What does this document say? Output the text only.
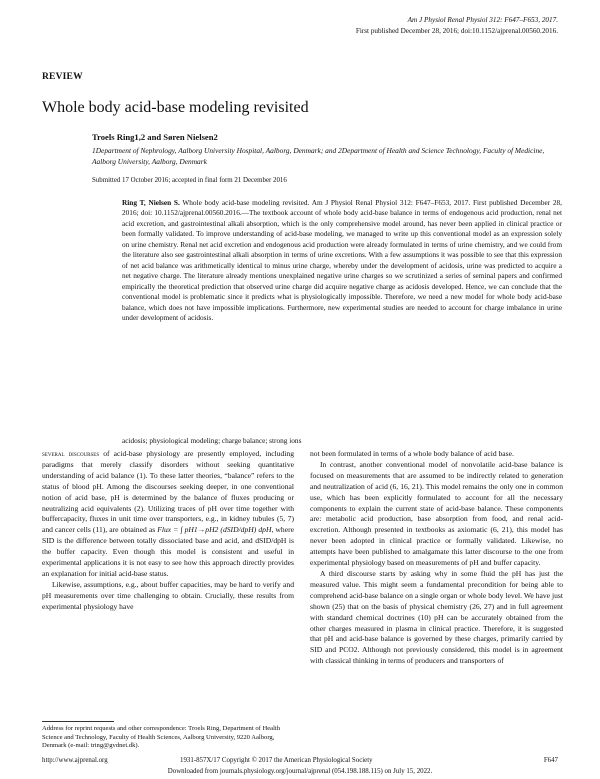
Am J Physiol Renal Physiol 312: F647–F653, 2017.
First published December 28, 2016; doi:10.1152/ajprenal.00560.2016.
REVIEW
Whole body acid-base modeling revisited
Troels Ring1,2 and Søren Nielsen2
1Department of Nephrology, Aalborg University Hospital, Aalborg, Denmark; and 2Department of Health and Science Technology, Faculty of Medicine, Aalborg University, Aalborg, Denmark
Submitted 17 October 2016; accepted in final form 21 December 2016
Ring T, Nielsen S. Whole body acid-base modeling revisited. Am J Physiol Renal Physiol 312: F647–F653, 2017. First published December 28, 2016; doi: 10.1152/ajprenal.00560.2016.—The textbook account of whole body acid-base balance in terms of endogenous acid production, renal net acid excretion, and gastrointestinal alkali absorption, which is the only comprehensive model around, has never been applied in clinical practice or been formally validated. To improve understanding of acid-base modeling, we managed to write up this conventional model as an expression solely on urine chemistry. Renal net acid excretion and endogenous acid production were already formulated in terms of urine chemistry, and we could from the literature also see gastrointestinal alkali absorption in terms of urine excretions. With a few assumptions it was possible to see that this expression of net acid balance was arithmetically identical to minus urine charge, whereby under the development of acidosis, urine was predicted to acquire a net negative charge. The literature already mentions unexplained negative urine charges so we scrutinized a series of seminal papers and confirmed empirically the theoretical prediction that observed urine charge did acquire negative charge as acidosis developed. Hence, we can conclude that the conventional model is problematic since it predicts what is physiologically impossible. Therefore, we need a new model for whole body acid-base balance, which does not have impossible implications. Furthermore, new experimental studies are needed to account for charge imbalance in urine under development of acidosis.
acidosis; physiological modeling; charge balance; strong ions

several discourses of acid-base physiology are presently employed, including paradigms that merely classify disorders without seeking quantitative understanding of acid balance (1). To these latter theories, “balance” refers to the status of blood pH. Among the discourses seeking deeper, in one conventional notion of acid base, pH is determined by the balance of fluxes producing or neutralizing acid equivalents (2). Utilizing traces of pH over time together with buffercapacity, fluxes in unit time over transporters, e.g., in kidney tubules (5, 7) and cancer cells (11), are obtained as Flux = ∫ pH1→pH2 (dSID/dpH) dpH, where SID is the difference between totally dissociated base and acid, and dSID/dpH is the buffer capacity. Even though this model is consistent and useful in experimental applications it is not easy to see how this approach directly provides an explanation for initial acid-base status.

Likewise, assumptions, e.g., about buffer capacities, may be hard to verify and pH measurements over time challenging to obtain. Crucially, these results from experimental physiology have

not been formulated in terms of a whole body balance of acid base.

In contrast, another conventional model of nonvolatile acid-base balance is focused on measurements that are assumed to be indirectly related to generation and neutralization of acid (6, 16, 21). This model remains the only one in common use, which has been explicitly formulated to account for all the necessary components to explain the current state of acid-base balance. These components are: metabolic acid production, base absorption from food, and renal acid-excretion. Although presented in textbooks as axiomatic (6, 21), this model has never been adopted in clinical practice or formally validated. Likewise, no attempts have been published to amalgamate this latter discourse to the one from experimental physiology based on measurements of pH and buffer capacity.

A third discourse starts by asking why in some fluid the pH has just the measured value. This might seem a fundamental precondition for being able to comprehend acid-base balance on a single organ or whole body level. We have just shown (25) that on the basis of physical chemistry (26, 27) and in full agreement with standard chemical doctrines (10) pH can be accurately obtained from the other charges measured in plasma in clinical practice. Therefore, it is suggested that pH and acid-base balance is governed by these charges, primarily carried by SID and PCO2. Although not previously considered, this model is in agreement with classical thinking in terms of producers and transporters of

Address for reprint requests and other correspondence: Troels Ring, Department of Health Science and Technology, Faculty of Health Sciences, Aalborg University, 9220 Aalborg, Denmark (e-mail: tring@gvdnet.dk).
http://www.ajprenal.org	1931-857X/17 Copyright © 2017 the American Physiological Society	F647
Downloaded from journals.physiology.org/journal/ajprenal (054.198.188.115) on July 15, 2022.
